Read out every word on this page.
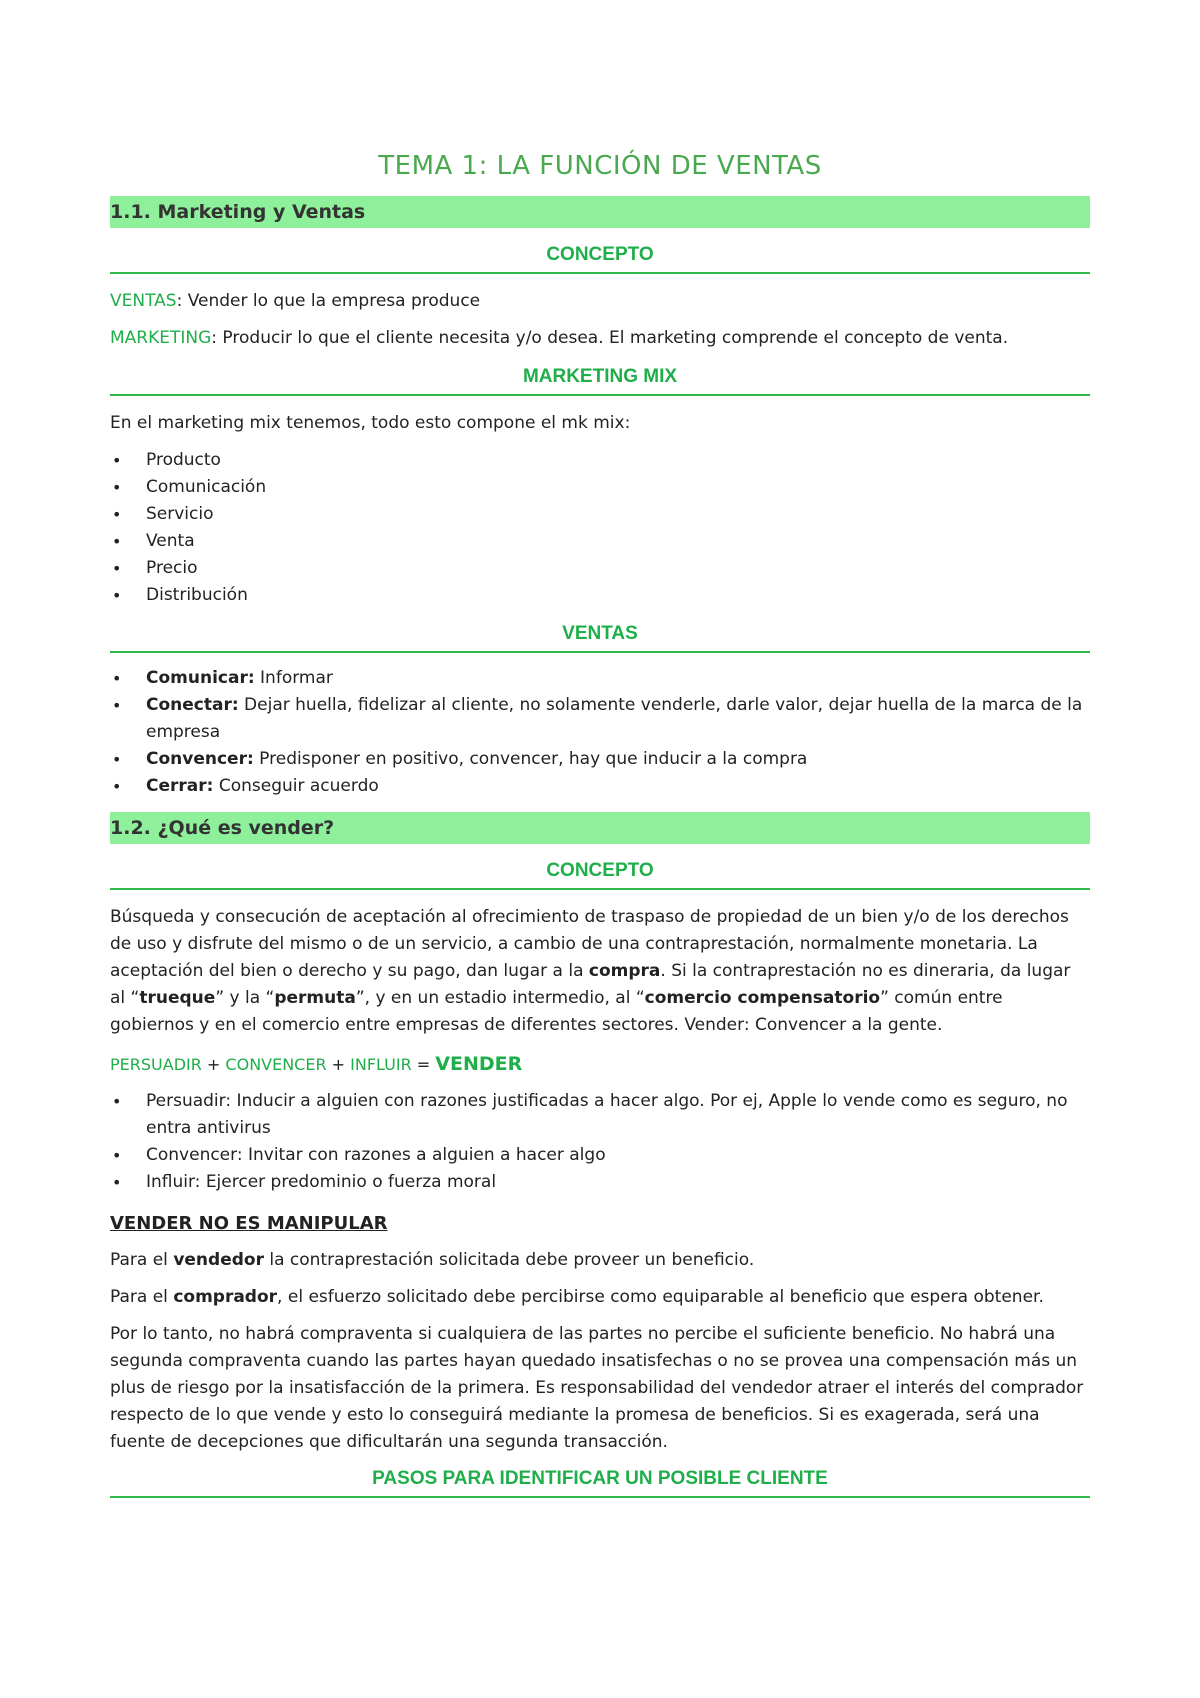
TEMA 1: LA FUNCIÓN DE VENTAS
1.1. Marketing y Ventas
CONCEPTO

VENTAS: Vender lo que la empresa produce

MARKETING: Producir lo que el cliente necesita y/o desea. El marketing comprende el concepto de venta.

MARKETING MIX

En el marketing mix tenemos, todo esto compone el mk mix:

• Producto
• Comunicación
• Servicio
• Venta
• Precio
• Distribución
VENTAS
• Comunicar: Informar
• Conectar: Dejar huella, fidelizar al cliente, no solamente venderle, darle valor, dejar huella de la marca de la empresa
• Convencer: Predisponer en positivo, convencer, hay que inducir a la compra
• Cerrar: Conseguir acuerdo
1.2. ¿Qué es vender?
CONCEPTO

Búsqueda y consecución de aceptación al ofrecimiento de traspaso de propiedad de un bien y/o de los derechos de uso y disfrute del mismo o de un servicio, a cambio de una contraprestación, normalmente monetaria. La aceptación del bien o derecho y su pago, dan lugar a la compra. Si la contraprestación no es dineraria, da lugar al “trueque” y la “permuta”, y en un estadio intermedio, al “comercio compensatorio” común entre gobiernos y en el comercio entre empresas de diferentes sectores. Vender: Convencer a la gente.

PERSUADIR + CONVENCER + INFLUIR = VENDER

• Persuadir: Inducir a alguien con razones justificadas a hacer algo. Por ej, Apple lo vende como es seguro, no entra antivirus
• Convencer: Invitar con razones a alguien a hacer algo
• Influir: Ejercer predominio o fuerza moral

VENDER NO ES MANIPULAR

Para el vendedor la contraprestación solicitada debe proveer un beneficio.

Para el comprador, el esfuerzo solicitado debe percibirse como equiparable al beneficio que espera obtener.

Por lo tanto, no habrá compraventa si cualquiera de las partes no percibe el suficiente beneficio. No habrá una segunda compraventa cuando las partes hayan quedado insatisfechas o no se provea una compensación más un plus de riesgo por la insatisfacción de la primera. Es responsabilidad del vendedor atraer el interés del comprador respecto de lo que vende y esto lo conseguirá mediante la promesa de beneficios. Si es exagerada, será una fuente de decepciones que dificultarán una segunda transacción.

PASOS PARA IDENTIFICAR UN POSIBLE CLIENTE
